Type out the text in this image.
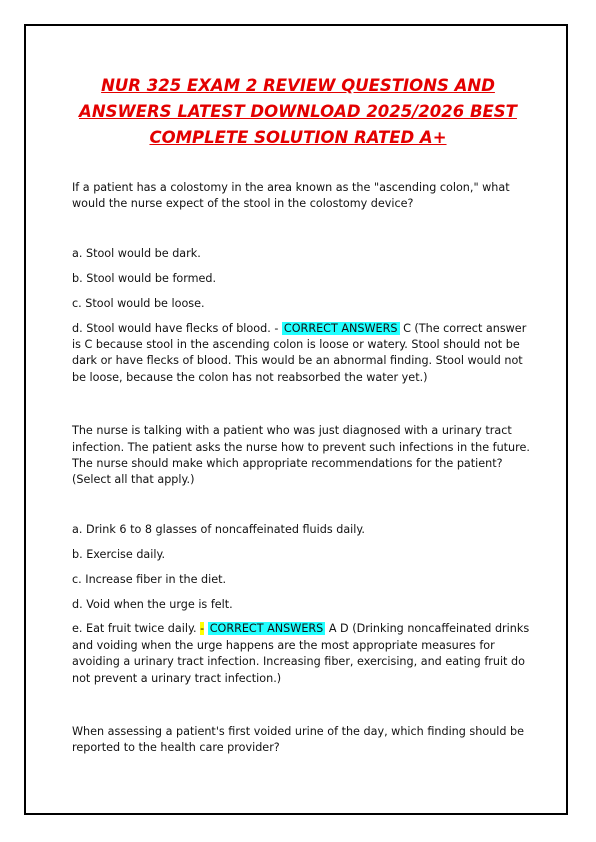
NUR 325 EXAM 2 REVIEW QUESTIONS AND ANSWERS LATEST DOWNLOAD 2025/2026 BEST COMPLETE SOLUTION RATED A+

If a patient has a colostomy in the area known as the "ascending colon," what would the nurse expect of the stool in the colostomy device?

a. Stool would be dark.

b. Stool would be formed.

c. Stool would be loose.

d. Stool would have flecks of blood. - CORRECT ANSWERS C (The correct answer is C because stool in the ascending colon is loose or watery. Stool should not be dark or have flecks of blood. This would be an abnormal finding. Stool would not be loose, because the colon has not reabsorbed the water yet.)

The nurse is talking with a patient who was just diagnosed with a urinary tract infection. The patient asks the nurse how to prevent such infections in the future. The nurse should make which appropriate recommendations for the patient? (Select all that apply.)

a. Drink 6 to 8 glasses of noncaffeinated fluids daily.

b. Exercise daily.

c. Increase fiber in the diet.

d. Void when the urge is felt.

e. Eat fruit twice daily. - CORRECT ANSWERS A D (Drinking noncaffeinated drinks and voiding when the urge happens are the most appropriate measures for avoiding a urinary tract infection. Increasing fiber, exercising, and eating fruit do not prevent a urinary tract infection.)

When assessing a patient's first voided urine of the day, which finding should be reported to the health care provider?
